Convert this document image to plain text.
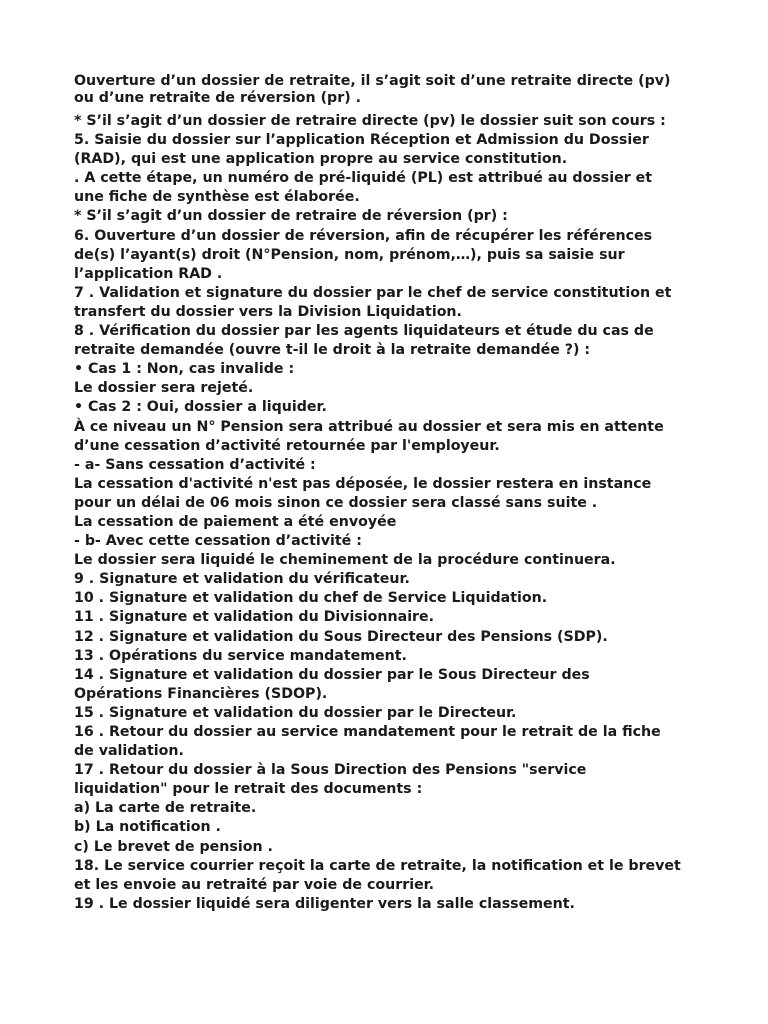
Ouverture d’un dossier de retraite, il s’agit soit d’une retraite directe (pv)
ou d’une retraite de réversion (pr) .
* S’il s’agit d’un dossier de retraire directe (pv) le dossier suit son cours :
5. Saisie du dossier sur l’application Réception et Admission du Dossier
(RAD), qui est une application propre au service constitution.
. A cette étape, un numéro de pré-liquidé (PL) est attribué au dossier et
une fiche de synthèse est élaborée.
* S’il s’agit d’un dossier de retraire de réversion (pr) :
6. Ouverture d’un dossier de réversion, afin de récupérer les références
de(s) l’ayant(s) droit (N°Pension, nom, prénom,…), puis sa saisie sur
l’application RAD .
7 . Validation et signature du dossier par le chef de service constitution et
transfert du dossier vers la Division Liquidation.
8 . Vérification du dossier par les agents liquidateurs et étude du cas de
retraite demandée (ouvre t-il le droit à la retraite demandée ?) :
• Cas 1 : Non, cas invalide :
Le dossier sera rejeté.
• Cas 2 : Oui, dossier a liquider.
À ce niveau un N° Pension sera attribué au dossier et sera mis en attente
d’une cessation d’activité retournée par l'employeur.
- a- Sans cessation d’activité :
La cessation d'activité n'est pas déposée, le dossier restera en instance
pour un délai de 06 mois sinon ce dossier sera classé sans suite .
La cessation de paiement a été envoyée
- b- Avec cette cessation d’activité :
Le dossier sera liquidé le cheminement de la procédure continuera.
9 . Signature et validation du vérificateur.
10 . Signature et validation du chef de Service Liquidation.
11 . Signature et validation du Divisionnaire.
12 . Signature et validation du Sous Directeur des Pensions (SDP).
13 . Opérations du service mandatement.
14 . Signature et validation du dossier par le Sous Directeur des
Opérations Financières (SDOP).
15 . Signature et validation du dossier par le Directeur.
16 . Retour du dossier au service mandatement pour le retrait de la fiche
de validation.
17 . Retour du dossier à la Sous Direction des Pensions "service
liquidation" pour le retrait des documents :
a) La carte de retraite.
b) La notification .
c) Le brevet de pension .
18. Le service courrier reçoit la carte de retraite, la notification et le brevet
et les envoie au retraité par voie de courrier.
19 . Le dossier liquidé sera diligenter vers la salle classement.
